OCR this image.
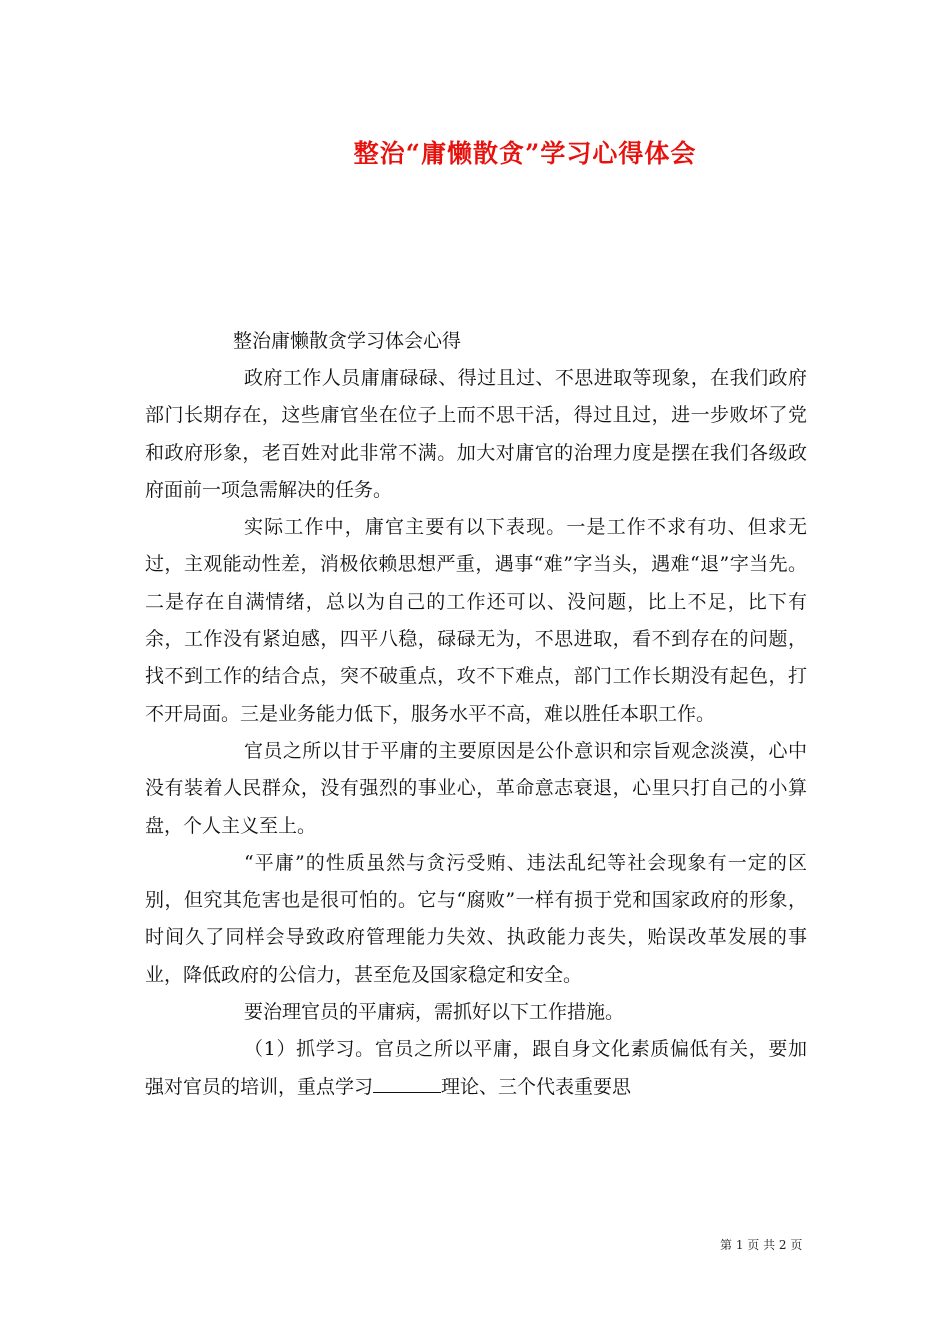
整治“庸懒散贪”学习心得体会
整治庸懒散贪学习体会心得

政府工作人员庸庸碌碌、得过且过、不思进取等现象，在我们政府部门长期存在，这些庸官坐在位子上而不思干活，得过且过，进一步败坏了党和政府形象，老百姓对此非常不满。加大对庸官的治理力度是摆在我们各级政府面前一项急需解决的任务。

实际工作中，庸官主要有以下表现。一是工作不求有功、但求无过，主观能动性差，消极依赖思想严重，遇事“难”字当头，遇难“退”字当先。二是存在自满情绪，总以为自己的工作还可以、没问题，比上不足，比下有余，工作没有紧迫感，四平八稳，碌碌无为，不思进取，看不到存在的问题，找不到工作的结合点，突不破重点，攻不下难点，部门工作长期没有起色，打不开局面。三是业务能力低下，服务水平不高，难以胜任本职工作。

官员之所以甘于平庸的主要原因是公仆意识和宗旨观念淡漠，心中没有装着人民群众，没有强烈的事业心，革命意志衰退，心里只打自己的小算盘，个人主义至上。

“平庸”的性质虽然与贪污受贿、违法乱纪等社会现象有一定的区别，但究其危害也是很可怕的。它与“腐败”一样有损于党和国家政府的形象，时间久了同样会导致政府管理能力失效、执政能力丧失，贻误改革发展的事业，降低政府的公信力，甚至危及国家稳定和安全。

要治理官员的平庸病，需抓好以下工作措施。

（1）抓学习。官员之所以平庸，跟自身文化素质偏低有关，要加强对官员的培训，重点学习	理论、三个代表重要思

第 1 页 共 2 页
